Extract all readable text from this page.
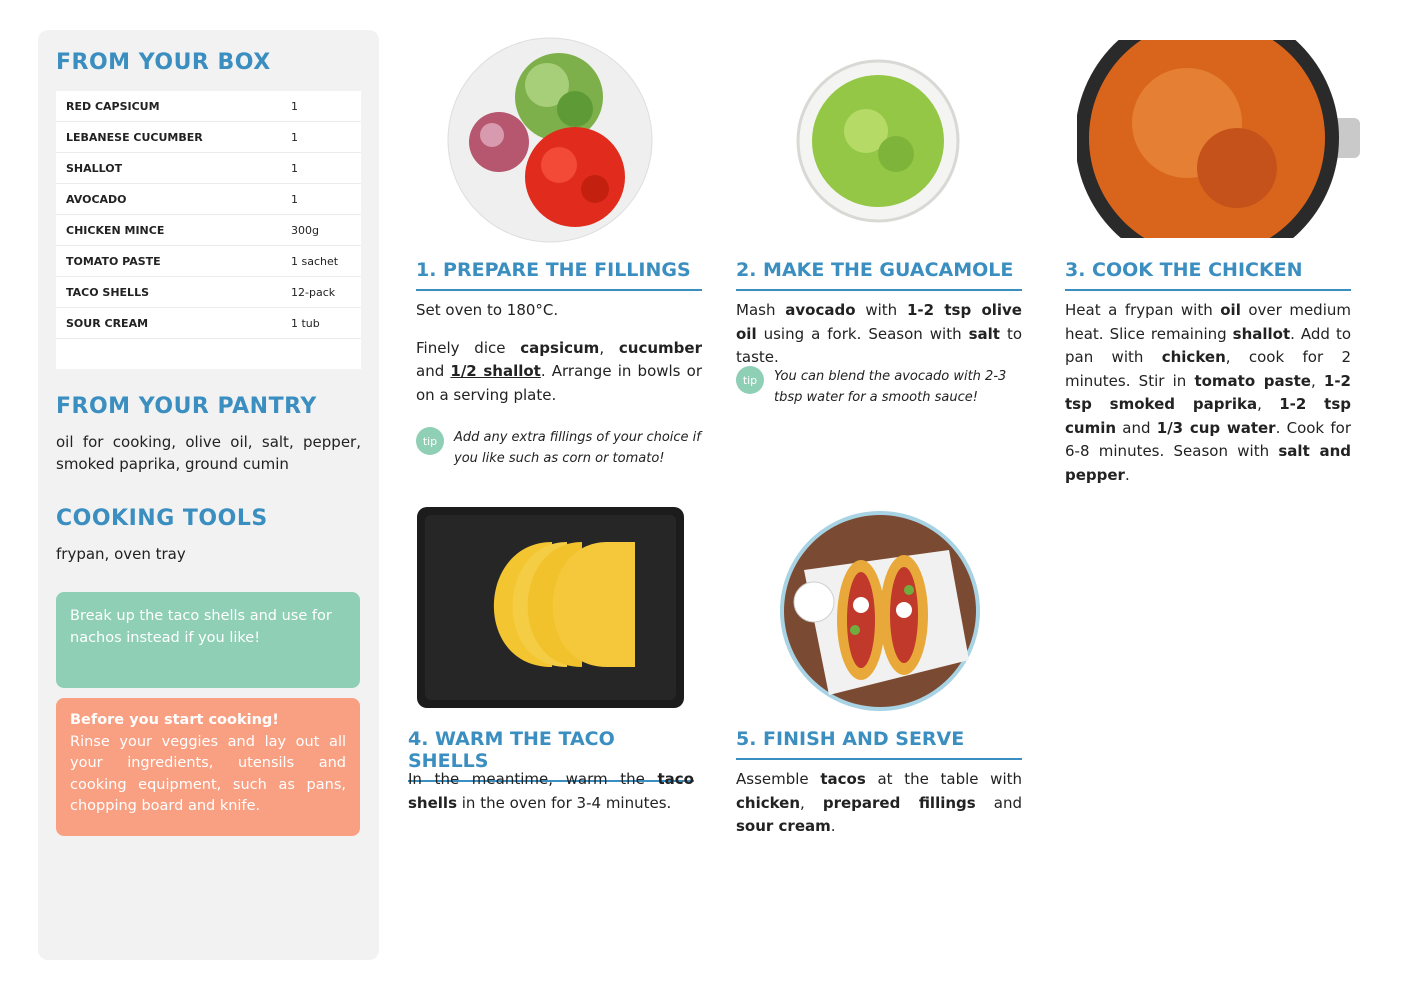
FROM YOUR BOX
RED CAPSICUM	1
LEBANESE CUCUMBER	1
SHALLOT	1
AVOCADO	1
CHICKEN MINCE	300g
TOMATO PASTE	1 sachet
TACO SHELLS	12-pack
SOUR CREAM	1 tub
FROM YOUR PANTRY
oil for cooking, olive oil, salt, pepper, smoked paprika, ground cumin
COOKING TOOLS
frypan, oven tray
Break up the taco shells and use for nachos instead if you like!
Before you start cooking!
Rinse your veggies and lay out all your ingredients, utensils and cooking equipment, such as pans, chopping board and knife.
1. PREPARE THE FILLINGS

Set oven to 180°C.

Finely dice capsicum, cucumber and 1/2 shallot. Arrange in bowls or on a serving plate.

tip	Add any extra fillings of your choice if you like such as corn or tomato!
2. MAKE THE GUACAMOLE

Mash avocado with 1-2 tsp olive oil using a fork. Season with salt to taste.

tip	You can blend the avocado with 2-3 tbsp water for a smooth sauce!
3. COOK THE CHICKEN

Heat a frypan with oil over medium heat. Slice remaining shallot. Add to pan with chicken, cook for 2 minutes. Stir in tomato paste, 1-2 tsp smoked paprika, 1-2 tsp cumin and 1/3 cup water. Cook for 6-8 minutes. Season with salt and pepper.

4. WARM THE TACO SHELLS

In the meantime, warm the taco shells in the oven for 3-4 minutes.

5. FINISH AND SERVE

Assemble tacos at the table with chicken, prepared fillings and sour cream.
